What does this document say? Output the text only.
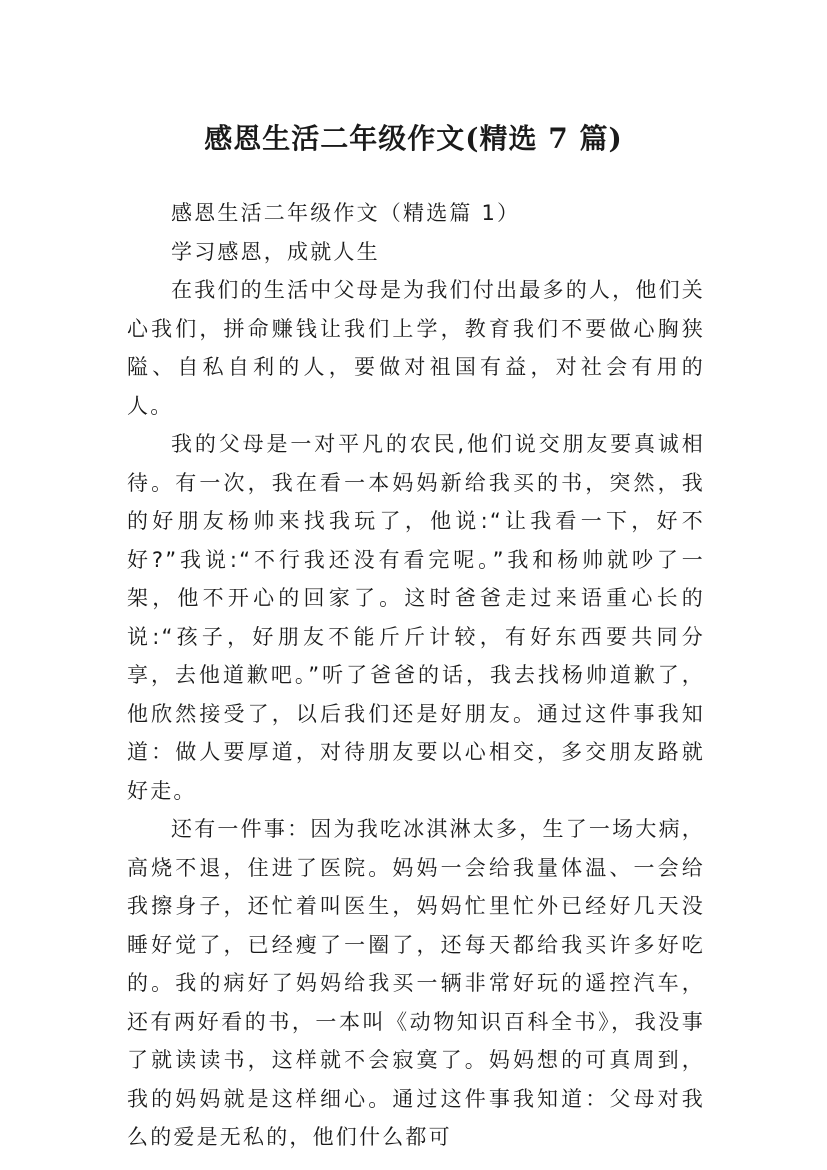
感恩生活二年级作文(精选 7 篇)

感恩生活二年级作文（精选篇 1）

学习感恩，成就人生

在我们的生活中父母是为我们付出最多的人，他们关心我们，拼命赚钱让我们上学，教育我们不要做心胸狭隘、自私自利的人，要做对祖国有益，对社会有用的人。

我的父母是一对平凡的农民,他们说交朋友要真诚相待。有一次，我在看一本妈妈新给我买的书，突然，我的好朋友杨帅来找我玩了，他说:“让我看一下，好不好?”我说:“不行我还没有看完呢。”我和杨帅就吵了一架，他不开心的回家了。这时爸爸走过来语重心长的说:“孩子，好朋友不能斤斤计较，有好东西要共同分享，去他道歉吧。”听了爸爸的话，我去找杨帅道歉了，他欣然接受了，以后我们还是好朋友。通过这件事我知道：做人要厚道，对待朋友要以心相交，多交朋友路就好走。

还有一件事：因为我吃冰淇淋太多，生了一场大病，高烧不退，住进了医院。妈妈一会给我量体温、一会给我擦身子，还忙着叫医生，妈妈忙里忙外已经好几天没睡好觉了，已经瘦了一圈了，还每天都给我买许多好吃的。我的病好了妈妈给我买一辆非常好玩的遥控汽车，还有两好看的书，一本叫《动物知识百科全书》，我没事了就读读书，这样就不会寂寞了。妈妈想的可真周到，我的妈妈就是这样细心。通过这件事我知道：父母对我么的爱是无私的，他们什么都可
